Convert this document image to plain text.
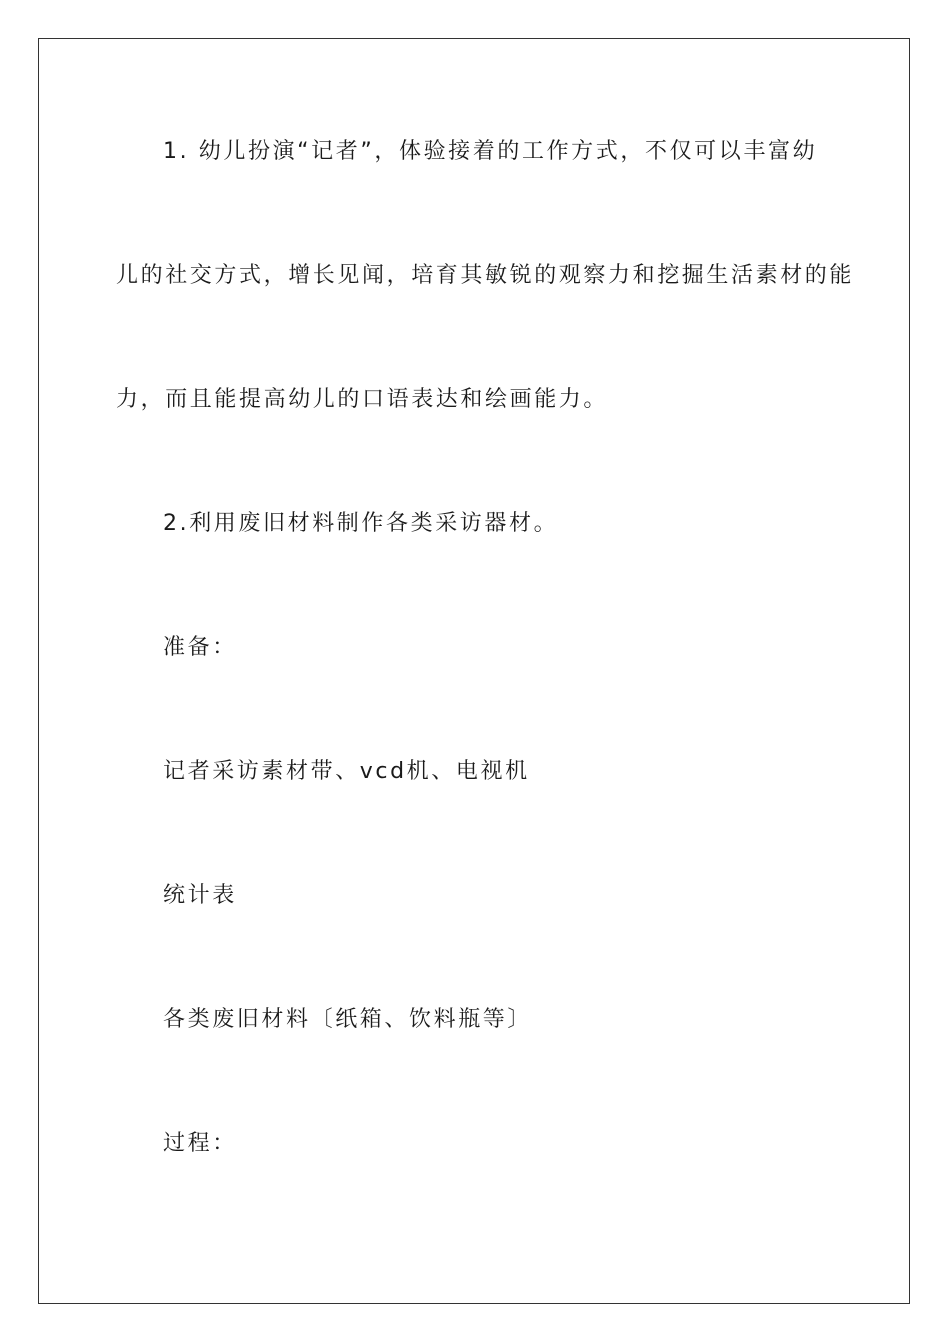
1. 幼儿扮演“记者”，体验接着的工作方式，不仅可以丰富幼
儿的社交方式，增长见闻，培育其敏锐的观察力和挖掘生活素材的能
力，而且能提高幼儿的口语表达和绘画能力。

2.利用废旧材料制作各类采访器材。

准备：

记者采访素材带、vcd机、电视机

统计表

各类废旧材料〔纸箱、饮料瓶等〕

过程：
